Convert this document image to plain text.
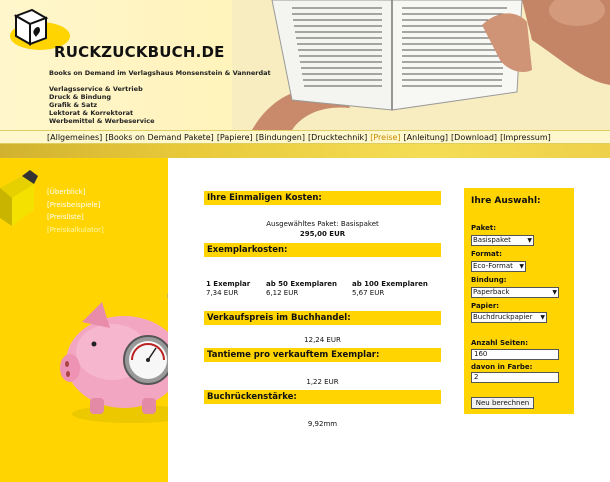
RUCKZUCKBUCH.DE
Books on Demand im Verlagshaus Monsenstein & Vannerdat
Verlagsservice & Vertrieb
Druck & Bindung
Grafik & Satz
Lektorat & Korrektorat
Werbemittel & Werbeservice
[Allgemeines] [Books on Demand Pakete] [Papiere] [Bindungen] [Drucktechnik] [Preise] [Anleitung] [Download] [Impressum]
[Überblick]
[Preisbeispiele]
[Preisliste]
[Preiskalkulator]
Ihre Einmaligen Kosten:
Ausgewähltes Paket: Basispaket
295,00 EUR
Exemplarkosten:
1 Exemplar
7,34 EUR
ab 50 Exemplaren
6,12 EUR
ab 100 Exemplaren
5,67 EUR
Verkaufspreis im Buchhandel:
12,24 EUR
Tantieme pro verkauftem Exemplar:
1,22 EUR
Buchrückenstärke:
9,92mm
Ihre Auswahl:
Paket:
Basispaket	▼
Format:
Eco-Format ▼
Bindung:
Paperback	▼
Papier:
Buchdruckpapier ▼
Anzahl Seiten:
160
davon in Farbe:
2
Neu berechnen
